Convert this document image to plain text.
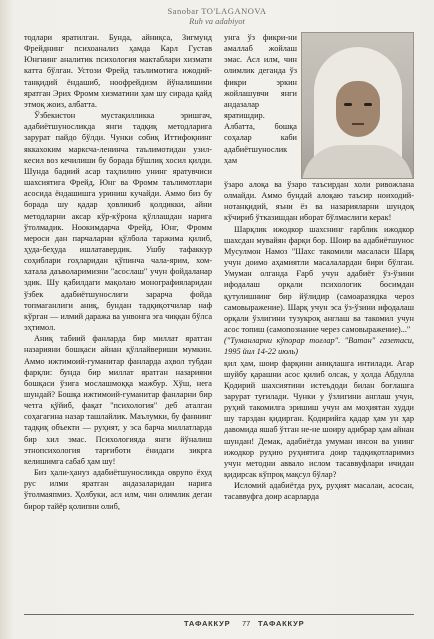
Sanobar TO'LAGANOVA
Ruh va adabiyot

тодлари яратилган. Бунда, айниқса, Зигмунд Фрейднинг психоанализ ҳамда Карл Густав Юнгнинг аналитик психология мактаблари хизмати катта бўлган. Устози Фрейд таълимотига ижодий-танқидий ёндашиб, ноофрейдизм йўналишини яратган Эрих Фромм хизматини ҳам шу сирада қайд этмоқ жоиз, албатта.

Ўзбекистон мустақилликка эришгач, адабиётшуносликда янги тадқиқ методларига зарурат пайдо бўлди. Чунки собиқ Иттифоқнинг яккахоким марксча-ленинча таълимотидан узил-кесил воз кечилиши бу борада бўшлиқ хосил қилди. Шунда бадиий асар таҳлилию унинг яратувчиси шахсиятига Фрейд, Юнг ва Фромм таълимотлари асосида ёндашишга уриниш кучайди. Аммо биз бу борада шу қадар ҳовликиб қолдикки, айни методларни аксар кўр-кўрона қўллашдан нарига ўтолмадик. Ноокимдарча Фрейд, Юнг, Фромм мероси дан парчаларни қўлбола таржима қилиб, ҳуда-беҳуда ишлатавердик. Ушбу тафаккур соҳиблари гоҳларидан қўпинча чала-ярим, хом-хатала даъволаримизни "асослаш" учун фойдаланар эдик. Шу қабилдаги мақолаю монографияларидан ўзбек адабиётшунослиги зарарча фойда топмаганлиги аниқ, бундан тадқиқотчилар наф кўрган — илмий даража ва унвонга эга чиққан бўлса эҳтимол.

Аниқ табиий фанларда бир миллат яратган назарияни бошқаси айнан қўллайвериши мумкин. Аммо ижтимоий-гуманитар фанларда аҳвол тубдан фарқли: бунда бир миллат яратган назарияни бошқаси ўзига мослашмоққа мажбур. Хўш, нега шундай? Бошқа ижтимоий-гуманитар фанларни бир четга қўйиб, фақат "психология" деб аталган соҳагагина назар ташлайлик. Маълумки, бу фаннинг тадқиқ объекти — руҳият, у эса барча миллатларда бир хил эмас. Психологияда янги йўналиш этнопсихология тарғиботи ёнидаги зикрга келишимга сабаб ҳам шу!

Биз ҳали-ҳануз адабиётшуносликда оврупо ёхуд рус илми яратган андазаларидан нарига ўтолмаяпмиз. Ҳолбуки, асл илм, чин олимлик деган бирор тайёр қолипни олиб,

унга ўз фикри-ни амаллаб жойлаш эмас. Асл илм, чин олимлик деганда ўз фикри эркин жойлашувчи янги андазалар яратишдир. Албатта, бошқа соҳалар каби адабиётшунослик ҳам

ўзаро алоқа ва ўзаро таъсирдан холи ривожлана олмайди. Аммо бундай алоқаю таъсир ноиходий-нотанқидий, яъни ёз ва назарияларни шундоқ кўчириб ўтказишдан иборат бўлмаслиги керак!

Шарқлик ижодкор шахснинг ғарблик ижодкор шахсдан мувайян фарқи бор. Шоир ва адабиётшунос Мусулмон Намоз "Шахс такомили масаласи Шарқ учун доимо аҳамиятли масалалардан бири бўлган. Умуман олганда Ғарб учун адабиёт ўз-ўзини ифодалаш орқали психологик босимдан қутулишнинг бир йўлидир (самоаразядка чероз самовыражение). Шарқ учун эса ўз-ўзини ифодалаш орқали ўзлигини тузукроқ англаш ва такомил учун асос топиш (самопознание через самовыражение)..."

("Туманларни кўпорар тоғлар". "Ватан" газетаси, 1995 йил 14-22 июль)

қил ҳам, шоир фарқини аниқлашга интилади. Агар шуйбу қарашни асос қилиб олсак, у ҳолда Абдулла Қодирий шахсиятини истеъдоди билан боғлашга зарурат туғилади. Чунки у ўзлигини англаш учун, руҳий такомилга эришиш учун ам моҳиятан худди шу тарздан қидирган. Қодирийга қадар ҳам ун ҳар давомида яшаб ўтган не-не шоиру адибрар ҳам айнан шундан! Демак, адабиётда умуман инсон ва унинг ижодкор руҳию руҳиятига доир тадқиқотларимиз учун методни аввало ислом тасаввуфлари ичидан қидирсак кўпроқ мақсул бўлар?

Исломий адабиётда руҳ, руҳият масалаи, асосан, тасаввуфга доир асарларда

ТАФАККУР 77 ТАФАККУР
